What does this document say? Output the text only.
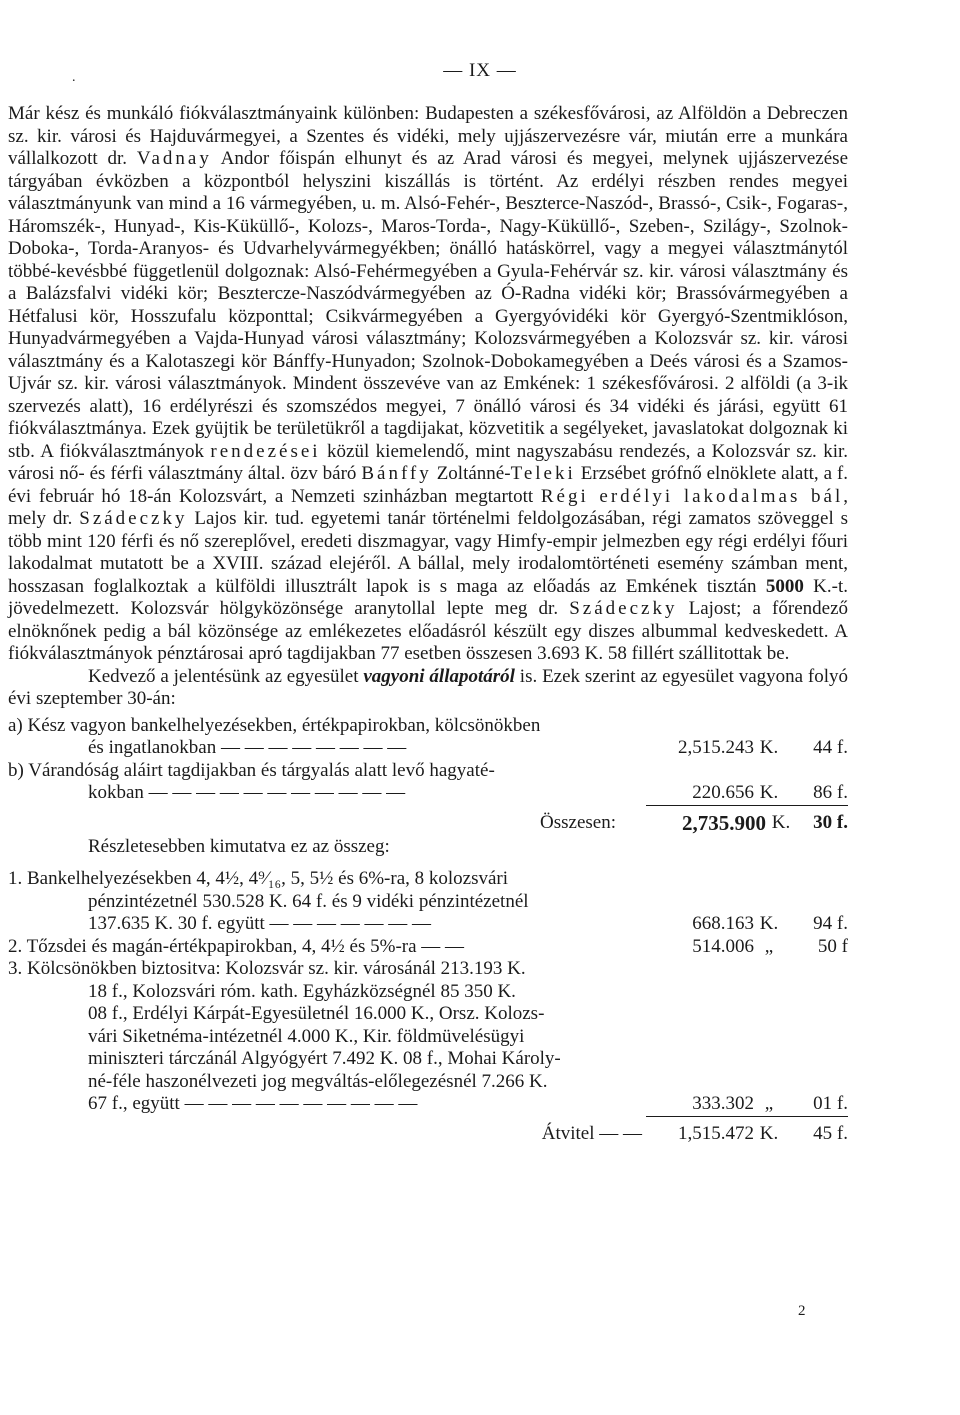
.	— IX —

Már kész és munkáló fiókválasztmányaink különben: Budapesten a székesfővárosi, az Alföldön a Debreczen sz. kir. városi és Hajduvármegyei, a Szentes és vidéki, mely ujjászervezésre vár, miután erre a munkára vállalkozott dr. Vadnay Andor főispán elhunyt és az Arad városi és megyei, melynek ujjászervezése tárgyában évközben a központból helyszini kiszállás is történt. Az erdélyi részben rendes megyei választmányunk van mind a 16 vármegyében, u. m. Alsó-Fehér-, Beszterce-Naszód-, Brassó-, Csik-, Fogaras-, Háromszék-, Hunyad-, Kis-Küküllő-, Kolozs-, Maros-Torda-, Nagy-Küküllő-, Szeben-, Szilágy-, Szolnok-Doboka-, Torda-Aranyos- és Udvarhelyvármegyékben; önálló hatáskörrel, vagy a megyei választmánytól többé-kevésbbé függetlenül dolgoznak: Alsó-Fehérmegyében a Gyula-Fehérvár sz. kir. városi választmány és a Balázsfalvi vidéki kör; Besztercze-Naszódvármegyében az Ó-Radna vidéki kör; Brassóvármegyében a Hétfalusi kör, Hosszufalu központtal; Csikvármegyében a Gyergyóvidéki kör Gyergyó-Szentmiklóson, Hunyadvármegyében a Vajda-Hunyad városi választmány; Kolozsvármegyében a Kolozsvár sz. kir. városi választmány és a Kalotaszegi kör Bánffy-Hunyadon; Szolnok-Dobokamegyében a Deés városi és a Szamos-Ujvár sz. kir. városi választmányok. Mindent összevéve van az Emkének: 1 székesfővárosi. 2 alföldi (a 3-ik szervezés alatt), 16 erdélyrészi és szomszédos megyei, 7 önálló városi és 34 vidéki és járási, együtt 61 fiókválasztmánya. Ezek gyüjtik be területükről a tagdijakat, közvetitik a segélyeket, javaslatokat dolgoznak ki stb. A fiókválasztmányok rendezései közül kiemelendő, mint nagyszabásu rendezés, a Kolozsvár sz. kir. városi nő- és férfi választmány által. özv báró Bánffy Zoltánné-Teleki Erzsébet grófnő elnöklete alatt, a f. évi február hó 18-án Kolozsvárt, a Nemzeti szinházban megtartott Régi erdélyi lakodalmas bál, mely dr. Szádeczky Lajos kir. tud. egyetemi tanár történelmi feldolgozásában, régi zamatos szöveggel s több mint 120 férfi és nő szereplővel, eredeti diszmagyar, vagy Himfy-empir jelmezben egy régi erdélyi főuri lakodalmat mutatott be a XVIII. század elejéről. A bállal, mely irodalomtörténeti esemény számban ment, hosszasan foglalkoztak a külföldi illusztrált lapok is s maga az előadás az Emkének tisztán 5000 K.-t. jövedelmezett. Kolozsvár hölgyközönsége aranytollal lepte meg dr. Szádeczky Lajost; a főrendező elnöknőnek pedig a bál közönsége az emlékezetes előadásról készült egy diszes albummal kedveskedett. A fiókválasztmányok pénztárosai apró tagdijakban 77 esetben összesen 3.693 K. 58 fillért szállitottak be.

Kedvező a jelentésünk az egyesület vagyoni állapotáról is. Ezek szerint az egyesület vagyona folyó évi szeptember 30-án:

a) Kész vagyon bankelhelyezésekben, értékpapirokban, kölcsönökben
és ingatlanokban — — — — — — — —	2,515.243 K.	44 f.
b) Várandóság aláirt tagdijakban és tárgyalás alatt levő hagyaté-
kokban — — — — — — — — — — —	220.656 K.	86 f.
Összesen:	2,735.900 K.	30 f.
Részletesebben kimutatva ez az összeg:
1. Bankelhelyezésekben 4, 4½, 4⁹⁄₁₆, 5, 5½ és 6%-ra, 8 kolozsvári
pénzintézetnél 530.528 K. 64 f. és 9 vidéki pénzintézetnél
137.635 K. 30 f. együtt — — — — — — —	668.163 K.	94 f.
2. Tőzsdei és magán-értékpapirokban, 4, 4½ és 5%-ra — —	514.006 „	50 f
3. Kölcsönökben biztositva: Kolozsvár sz. kir. városánál 213.193 K.
18 f., Kolozsvári róm. kath. Egyházközségnél 85 350 K.
08 f., Erdélyi Kárpát-Egyesületnél 16.000 K., Orsz. Kolozs-
vári Siketnéma-intézetnél 4.000 K., Kir. földmüvelésügyi
miniszteri tárczánál Algyógyért 7.492 K. 08 f., Mohai Károly-
né-féle haszonélvezeti jog megváltás-előlegezésnél 7.266 K.
67 f., együtt — — — — — — — — — —	333.302 „	01 f.
Átvitel — —	1,515.472 K.	45 f.
2
